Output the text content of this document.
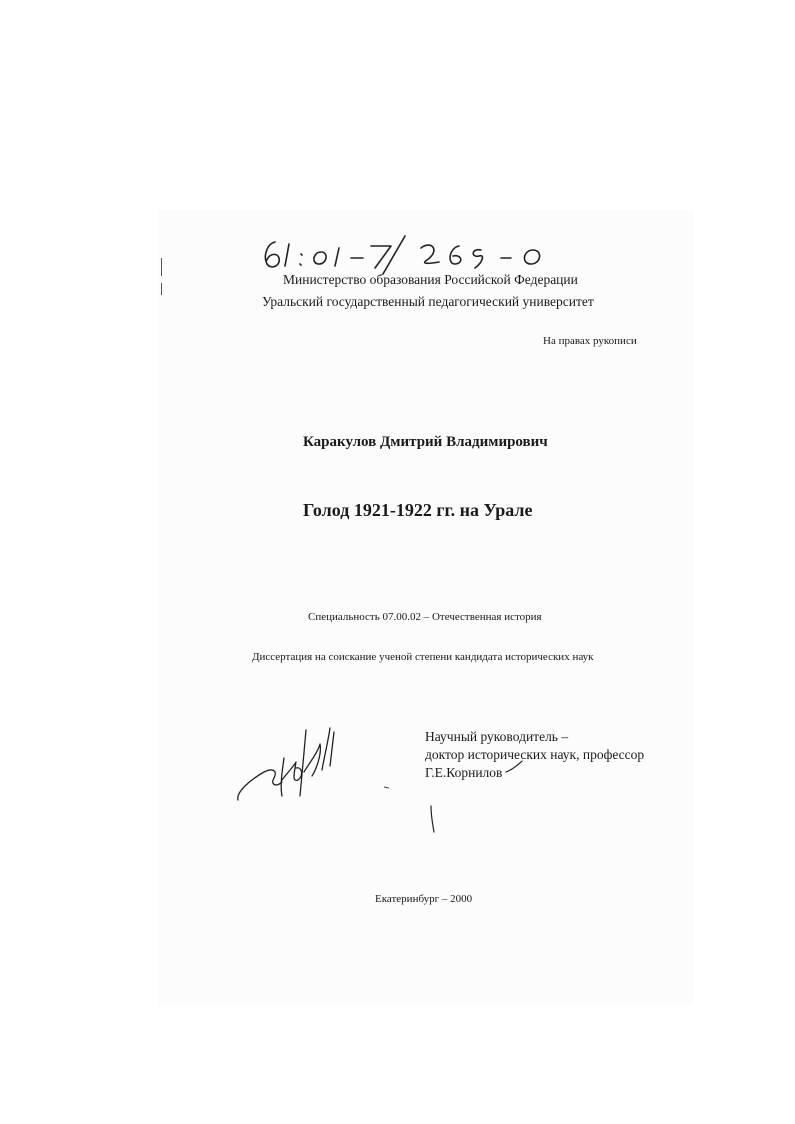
Министерство образования Российской Федерации
Уральский государственный педагогический университет
На правах рукописи
Каракулов Дмитрий Владимирович
Голод 1921-1922 гг. на Урале
Специальность 07.00.02 – Отечественная история
Диссертация на соискание ученой степени кандидата исторических наук
Научный руководитель –
доктор исторических наук, профессор
Г.Е.Корнилов
Екатеринбург – 2000
